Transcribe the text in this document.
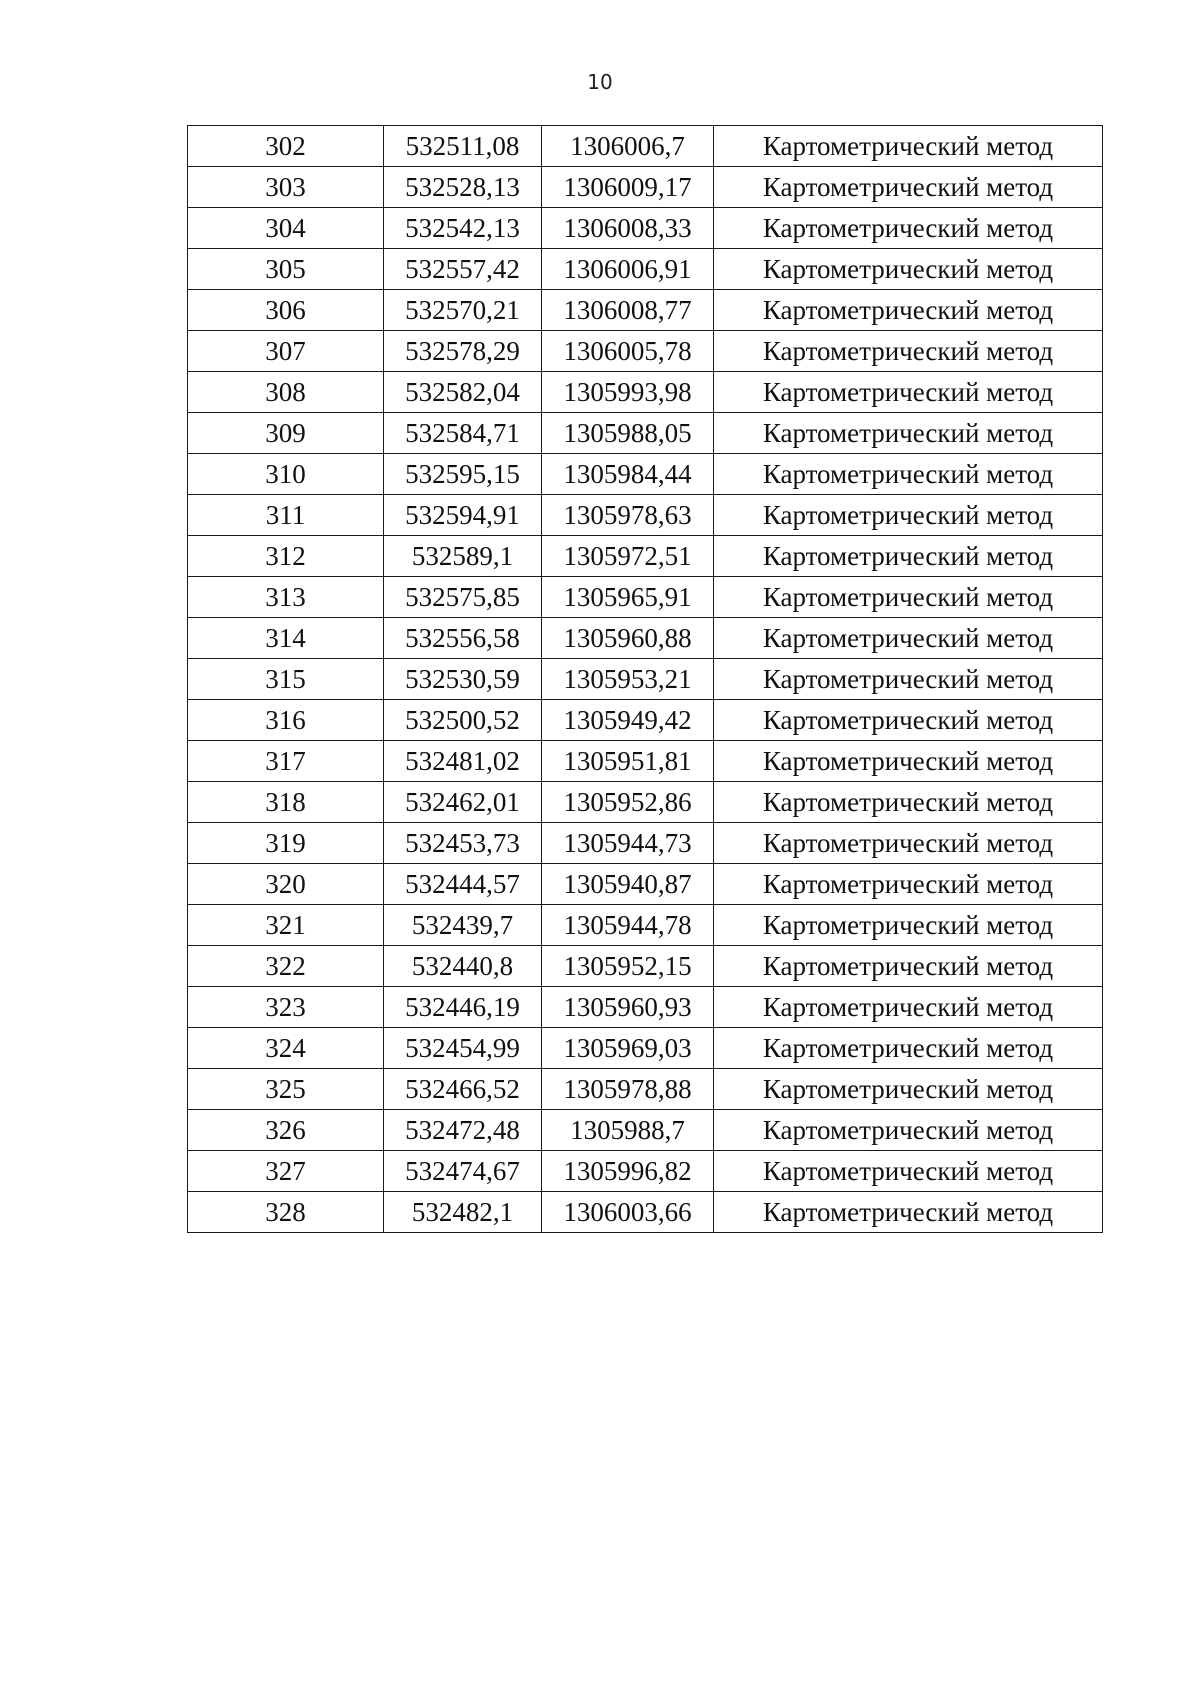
10
302	532511,08	1306006,7	Картометрический метод
303	532528,13	1306009,17	Картометрический метод
304	532542,13	1306008,33	Картометрический метод
305	532557,42	1306006,91	Картометрический метод
306	532570,21	1306008,77	Картометрический метод
307	532578,29	1306005,78	Картометрический метод
308	532582,04	1305993,98	Картометрический метод
309	532584,71	1305988,05	Картометрический метод
310	532595,15	1305984,44	Картометрический метод
311	532594,91	1305978,63	Картометрический метод
312	532589,1	1305972,51	Картометрический метод
313	532575,85	1305965,91	Картометрический метод
314	532556,58	1305960,88	Картометрический метод
315	532530,59	1305953,21	Картометрический метод
316	532500,52	1305949,42	Картометрический метод
317	532481,02	1305951,81	Картометрический метод
318	532462,01	1305952,86	Картометрический метод
319	532453,73	1305944,73	Картометрический метод
320	532444,57	1305940,87	Картометрический метод
321	532439,7	1305944,78	Картометрический метод
322	532440,8	1305952,15	Картометрический метод
323	532446,19	1305960,93	Картометрический метод
324	532454,99	1305969,03	Картометрический метод
325	532466,52	1305978,88	Картометрический метод
326	532472,48	1305988,7	Картометрический метод
327	532474,67	1305996,82	Картометрический метод
328	532482,1	1306003,66	Картометрический метод
